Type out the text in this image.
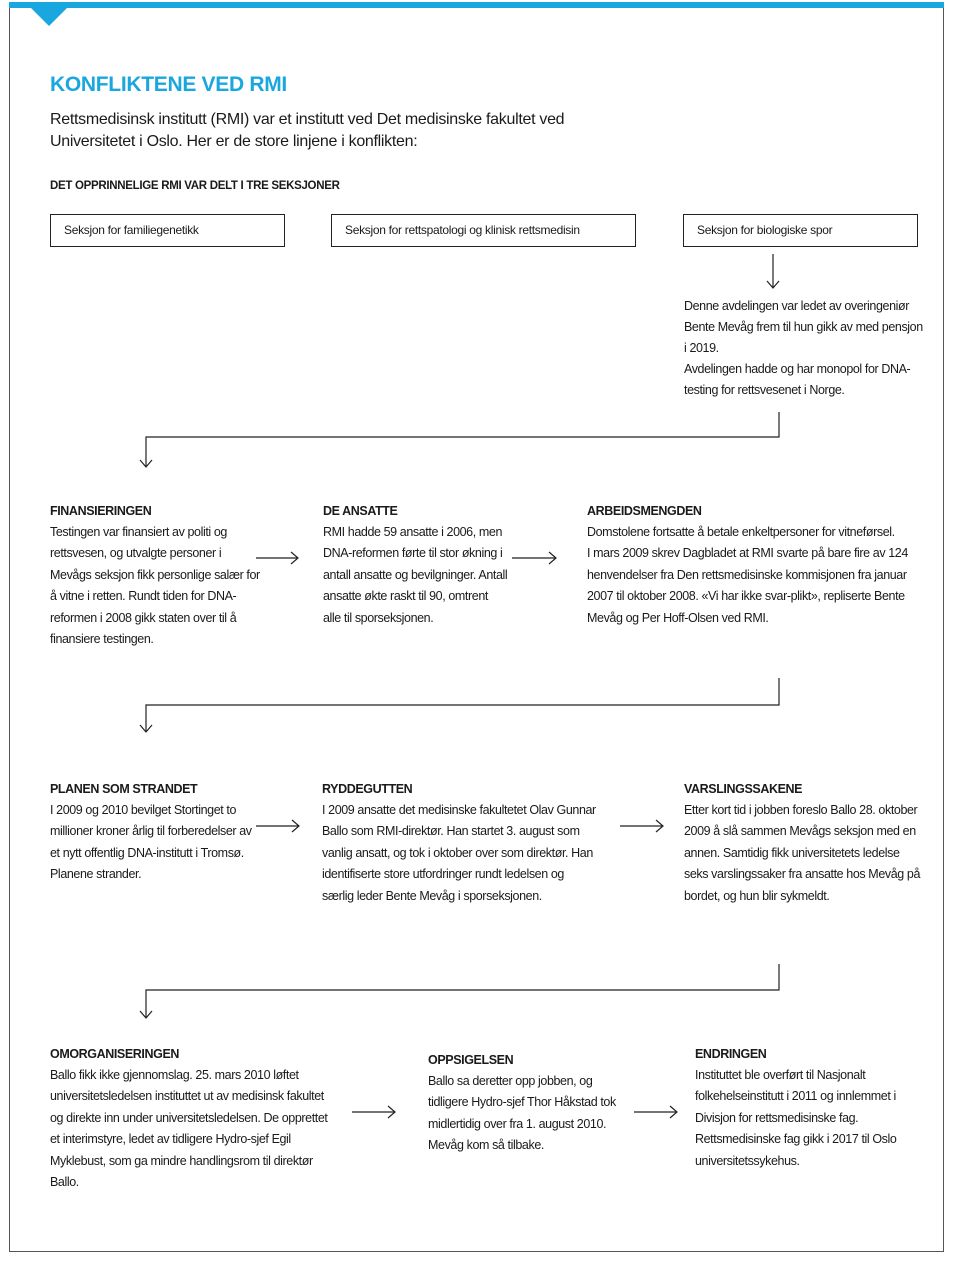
KONFLIKTENE VED RMI

Rettsmedisinsk institutt (RMI) var et institutt ved Det medisinske fakultet ved Universitetet i Oslo. Her er de store linjene i konflikten:

DET OPPRINNELIGE RMI VAR DELT I TRE SEKSJONER
Seksjon for familiegenetikk	Seksjon for rettspatologi og klinisk rettsmedisin	Seksjon for biologiske spor

Denne avdelingen var ledet av overingeniør Bente Mevåg frem til hun gikk av med pensjon i 2019.

Avdelingen hadde og har monopol for DNA-testing for rettsvesenet i Norge.

FINANSIERINGEN

Testingen var finansiert av politi og rettsvesen, og utvalgte personer i Mevågs seksjon fikk personlige salær for å vitne i retten. Rundt tiden for DNA-reformen i 2008 gikk staten over til å finansiere testingen.

DE ANSATTE

RMI hadde 59 ansatte i 2006, men DNA-reformen førte til stor økning i antall ansatte og bevilgninger. Antall ansatte økte raskt til 90, omtrent alle til sporseksjonen.

ARBEIDSMENGDEN

Domstolene fortsatte å betale enkeltpersoner for vitneførsel.

I mars 2009 skrev Dagbladet at RMI svarte på bare fire av 124 henvendelser fra Den rettsmedisinske kommisjonen fra januar 2007 til oktober 2008. «Vi har ikke svar-plikt», repliserte Bente Mevåg og Per Hoff-Olsen ved RMI.

PLANEN SOM STRANDET

I 2009 og 2010 bevilget Stortinget to millioner kroner årlig til forberedelser av et nytt offentlig DNA-institutt i Tromsø. Planene strander.

RYDDEGUTTEN

I 2009 ansatte det medisinske fakultetet Olav Gunnar Ballo som RMI-direktør. Han startet 3. august som vanlig ansatt, og tok i oktober over som direktør. Han identifiserte store utfordringer rundt ledelsen og særlig leder Bente Mevåg i sporseksjonen.

VARSLINGSSAKENE

Etter kort tid i jobben foreslo Ballo 28. oktober 2009 å slå sammen Mevågs seksjon med en annen. Samtidig fikk universitetets ledelse seks varslingssaker fra ansatte hos Mevåg på bordet, og hun blir sykmeldt.

OMORGANISERINGEN

Ballo fikk ikke gjennomslag. 25. mars 2010 løftet universitetsledelsen instituttet ut av medisinsk fakultet og direkte inn under universitetsledelsen. De opprettet et interimstyre, ledet av tidligere Hydro-sjef Egil Myklebust, som ga mindre handlingsrom til direktør Ballo.

OPPSIGELSEN

Ballo sa deretter opp jobben, og tidligere Hydro-sjef Thor Håkstad tok midlertidig over fra 1. august 2010. Mevåg kom så tilbake.

ENDRINGEN

Instituttet ble overført til Nasjonalt folkehelseinstitutt i 2011 og innlemmet i Divisjon for rettsmedisinske fag. Rettsmedisinske fag gikk i 2017 til Oslo universitetssykehus.
